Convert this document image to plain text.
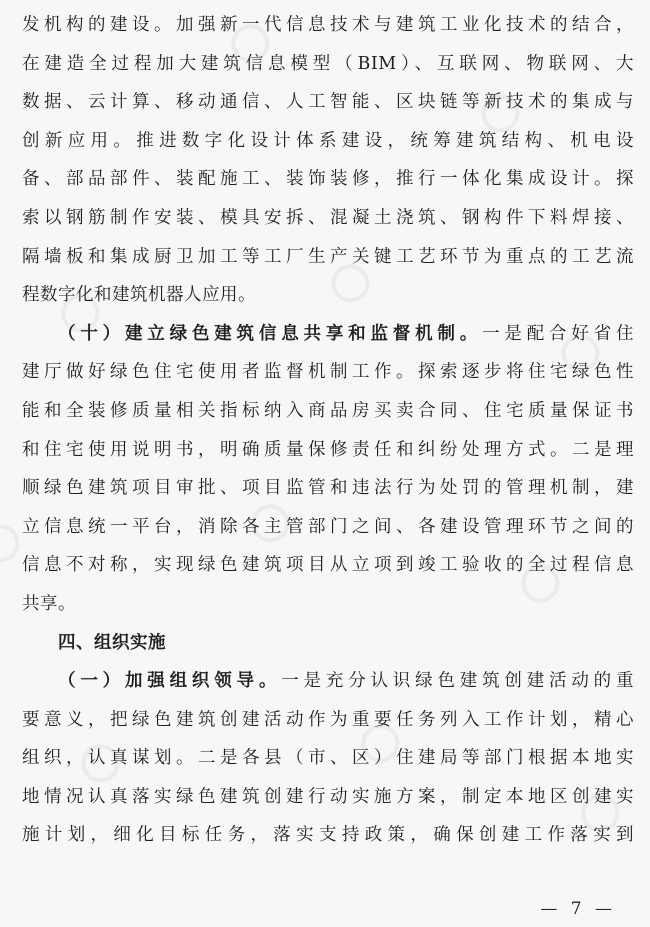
发机构的建设。加强新一代信息技术与建筑工业化技术的结合，
在建造全过程加大建筑信息模型（BIM）、互联网、物联网、大
数据、云计算、移动通信、人工智能、区块链等新技术的集成与
创新应用。推进数字化设计体系建设，统筹建筑结构、机电设
备、部品部件、装配施工、装饰装修，推行一体化集成设计。探
索以钢筋制作安装、模具安拆、混凝土浇筑、钢构件下料焊接、
隔墙板和集成厨卫加工等工厂生产关键工艺环节为重点的工艺流
程数字化和建筑机器人应用。
（十）建立绿色建筑信息共享和监督机制。一是配合好省住
建厅做好绿色住宅使用者监督机制工作。探索逐步将住宅绿色性
能和全装修质量相关指标纳入商品房买卖合同、住宅质量保证书
和住宅使用说明书，明确质量保修责任和纠纷处理方式。二是理
顺绿色建筑项目审批、项目监管和违法行为处罚的管理机制，建
立信息统一平台，消除各主管部门之间、各建设管理环节之间的
信息不对称，实现绿色建筑项目从立项到竣工验收的全过程信息
共享。
四、组织实施
（一）加强组织领导。一是充分认识绿色建筑创建活动的重
要意义，把绿色建筑创建活动作为重要任务列入工作计划，精心
组织，认真谋划。二是各县（市、区）住建局等部门根据本地实
地情况认真落实绿色建筑创建行动实施方案，制定本地区创建实
施计划，细化目标任务，落实支持政策，确保创建工作落实到
— 7 —
